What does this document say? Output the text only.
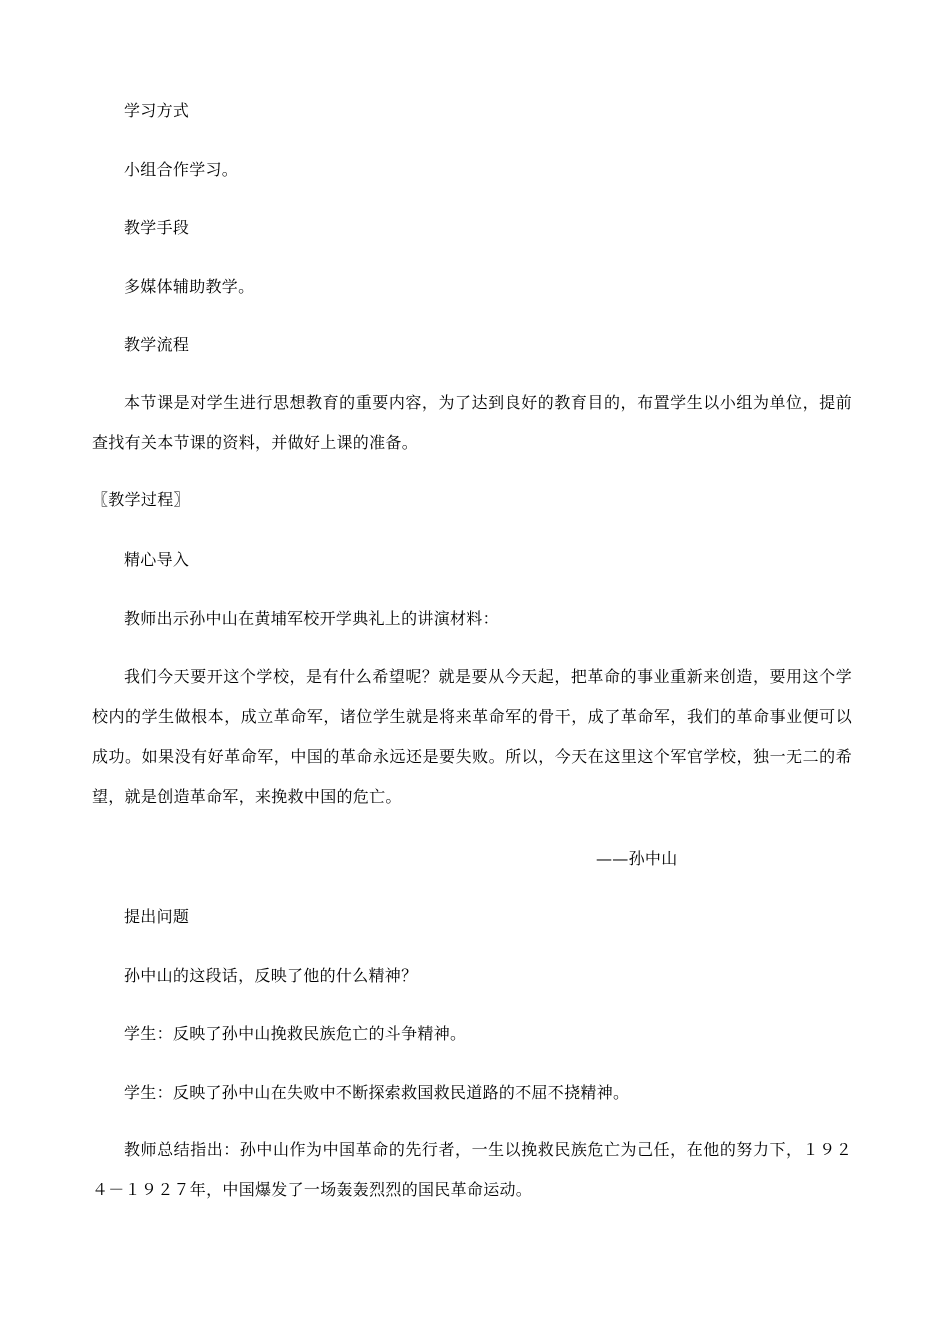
学习方式
小组合作学习。
教学手段
多媒体辅助教学。
教学流程
本节课是对学生进行思想教育的重要内容，为了达到良好的教育目的，布置学生以小组为单位，提前查找有关本节课的资料，并做好上课的准备。
〖教学过程〗
精心导入
教师出示孙中山在黄埔军校开学典礼上的讲演材料：
我们今天要开这个学校，是有什么希望呢？就是要从今天起，把革命的事业重新来创造，要用这个学校内的学生做根本，成立革命军，诸位学生就是将来革命军的骨干，成了革命军，我们的革命事业便可以成功。如果没有好革命军，中国的革命永远还是要失败。所以，今天在这里这个军官学校，独一无二的希望，就是创造革命军，来挽救中国的危亡。
——孙中山
提出问题
孙中山的这段话，反映了他的什么精神？
学生：反映了孙中山挽救民族危亡的斗争精神。
学生：反映了孙中山在失败中不断探索救国救民道路的不屈不挠精神。
教师总结指出：孙中山作为中国革命的先行者，一生以挽救民族危亡为己任，在他的努力下，１９２４－１９２７年，中国爆发了一场轰轰烈烈的国民革命运动。
